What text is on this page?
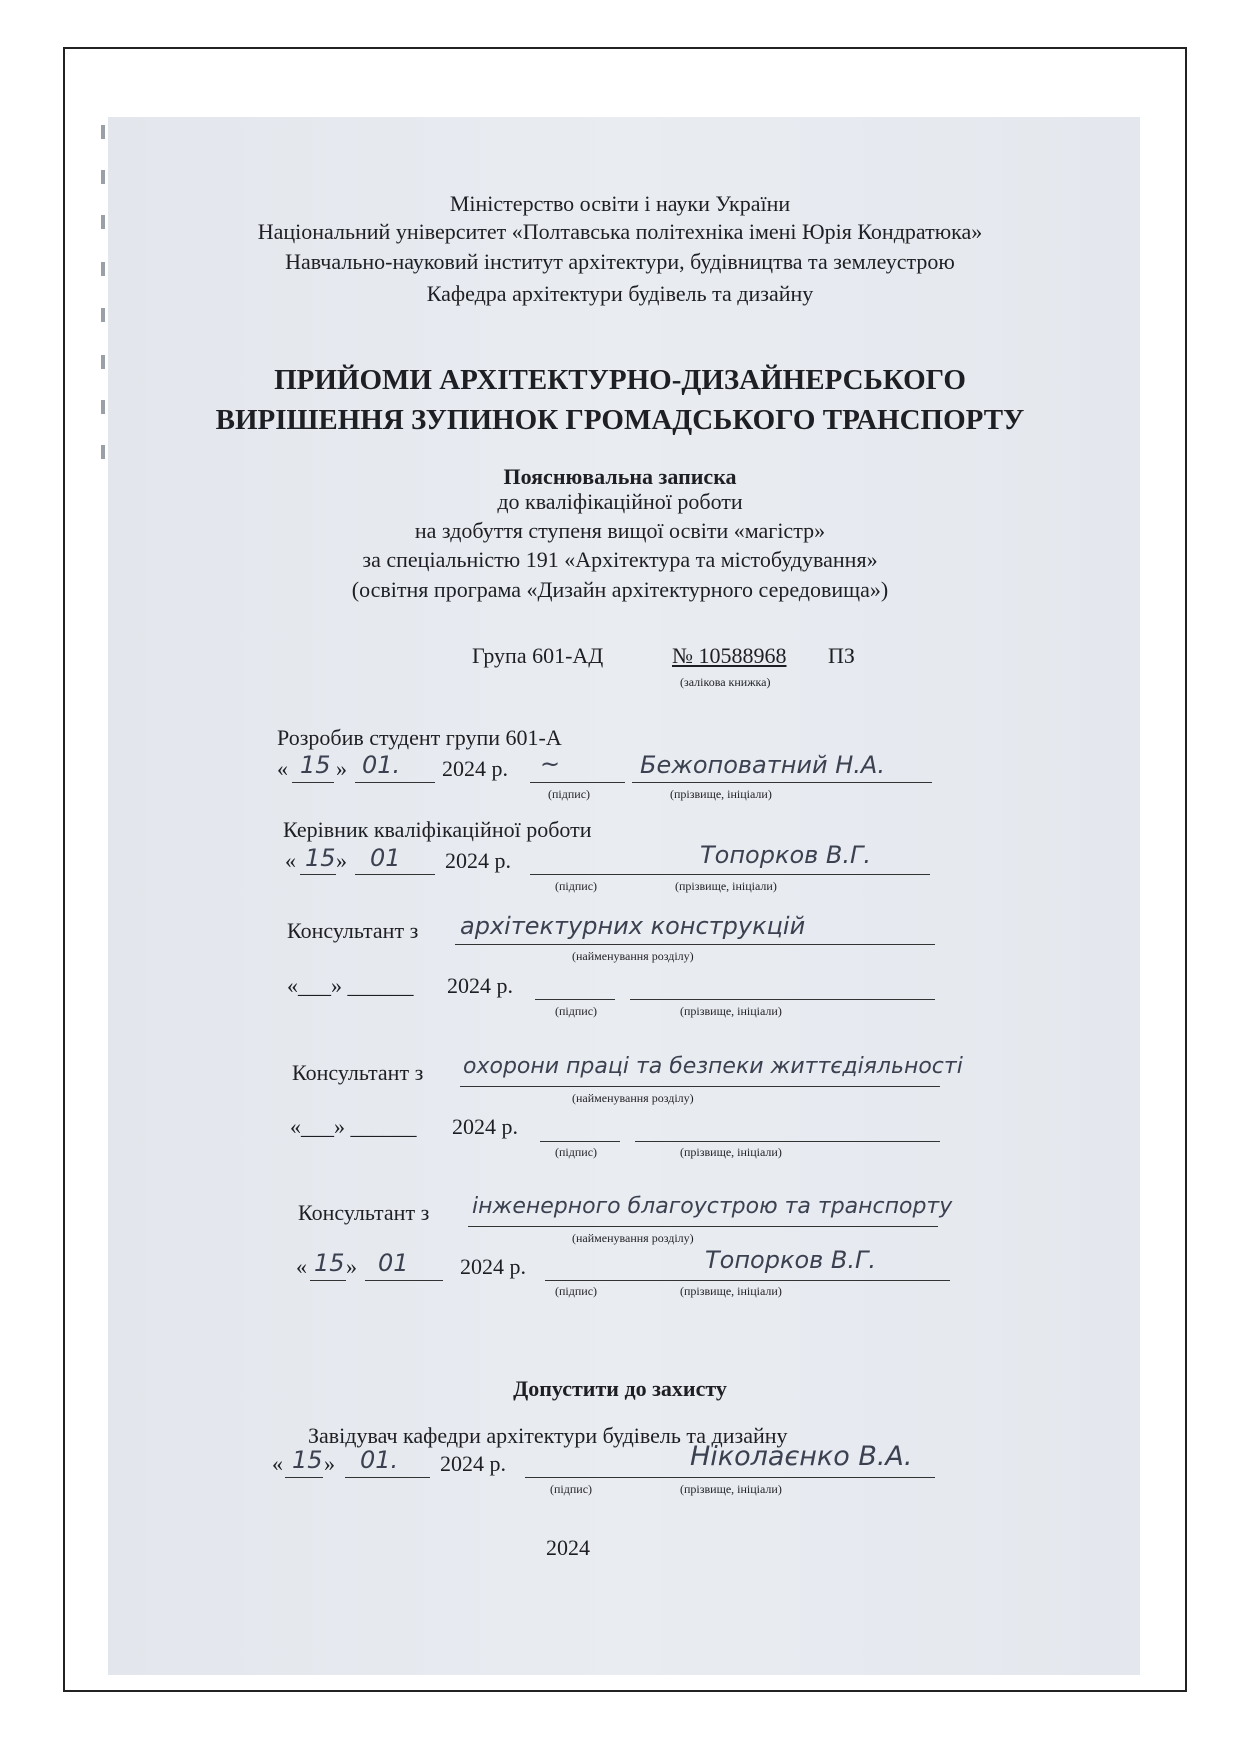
Міністерство освіти і науки України
Національний університет «Полтавська політехніка імені Юрія Кондратюка»
Навчально-науковий інститут архітектури, будівництва та землеустрою
Кафедра архітектури будівель та дизайну
ПРИЙОМИ АРХІТЕКТУРНО-ДИЗАЙНЕРСЬКОГО
ВИРІШЕННЯ ЗУПИНОК ГРОМАДСЬКОГО ТРАНСПОРТУ
Пояснювальна записка
до кваліфікаційної роботи
на здобуття ступеня вищої освіти «магістр»
за спеціальністю 191 «Архітектура та містобудування»
(освітня програма «Дизайн архітектурного середовища»)
Група 601-АД	№ 10588968 ПЗ
(залікова книжка)
Розробив студент групи 601-А
« 15 » 01. 2024 р. ~	Бежоповатний Н.А.
(підпис)	(прізвище, ініціали)
Керівник кваліфікаційної роботи
« 15 » 01 2024 р.	Топорков В.Г.
(підпис)	(прізвище, ініціали)
Консультант з архітектурних конструкцій
(найменування розділу)
«___» ______ 2024 р.
(підпис)	(прізвище, ініціали)
Консультант з охорони праці та безпеки життєдіяльності
(найменування розділу)
«___» ______ 2024 р.
(підпис)	(прізвище, ініціали)
Консультант з інженерного благоустрою та транспорту
(найменування розділу)
« 15 » 01 2024 р.	Топорков В.Г.
(підпис)	(прізвище, ініціали)
Допустити до захисту
Завідувач кафедри архітектури будівель та дизайну
« 15 » 01. 2024 р.	Ніколаєнко В.А.
(підпис)	(прізвище, ініціали)
2024
